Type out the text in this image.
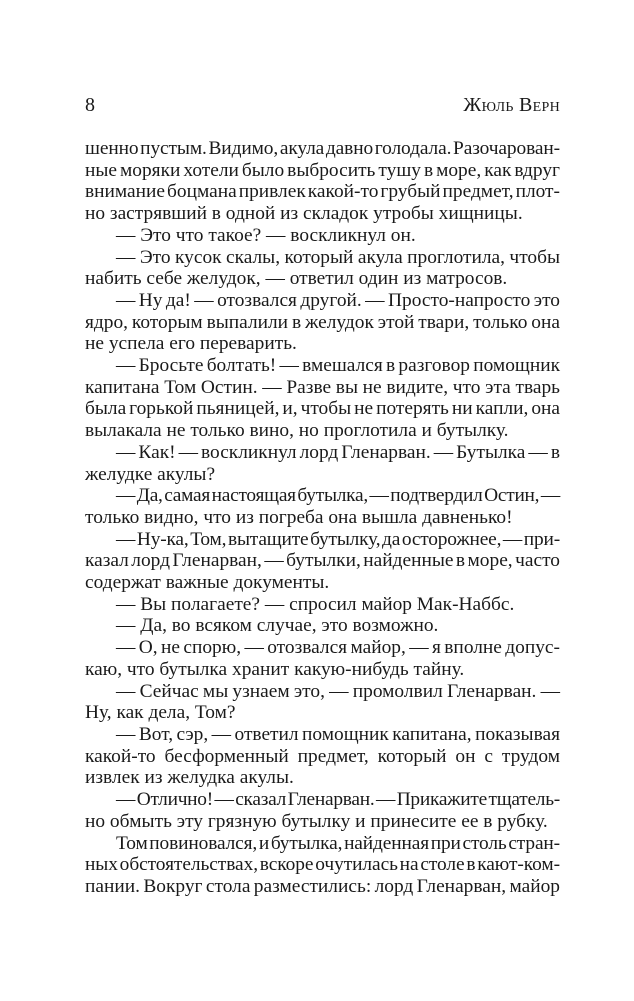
8	Жюль Верн
шенно пустым. Видимо, акула давно голодала. Разочарован-
ные моряки хотели было выбросить тушу в море, как вдруг
внимание боцмана привлек какой-то грубый предмет, плот-
но застрявший в одной из складок утробы хищницы.
— Это что такое? — воскликнул он.
— Это кусок скалы, который акула проглотила, чтобы
набить себе желудок, — ответил один из матросов.
— Ну да! — отозвался другой. — Просто-напросто это
ядро, которым выпалили в желудок этой твари, только она
не успела его переварить.
— Бросьте болтать! — вмешался в разговор помощник
капитана Том Остин. — Разве вы не видите, что эта тварь
была горькой пьяницей, и, чтобы не потерять ни капли, она
вылакала не только вино, но проглотила и бутылку.
— Как! — воскликнул лорд Гленарван. — Бутылка — в
желудке акулы?
— Да, самая настоящая бутылка, — подтвердил Остин, —
только видно, что из погреба она вышла давненько!
— Ну-ка, Том, вытащите бутылку, да осторожнее, — при-
казал лорд Гленарван, — бутылки, найденные в море, часто
содержат важные документы.
— Вы полагаете? — спросил майор Мак-Наббс.
— Да, во всяком случае, это возможно.
— О, не спорю, — отозвался майор, — я вполне допус-
каю, что бутылка хранит какую-нибудь тайну.
— Сейчас мы узнаем это, — промолвил Гленарван. —
Ну, как дела, Том?
— Вот, сэр, — ответил помощник капитана, показывая
какой-то бесформенный предмет, который он с трудом
извлек из желудка акулы.
— Отлично! — сказал Гленарван. — Прикажите тщатель-
но обмыть эту грязную бутылку и принесите ее в рубку.
Том повиновался, и бутылка, найденная при столь стран-
ных обстоятельствах, вскоре очутилась на столе в кают-ком-
пании. Вокруг стола разместились: лорд Гленарван, майор
